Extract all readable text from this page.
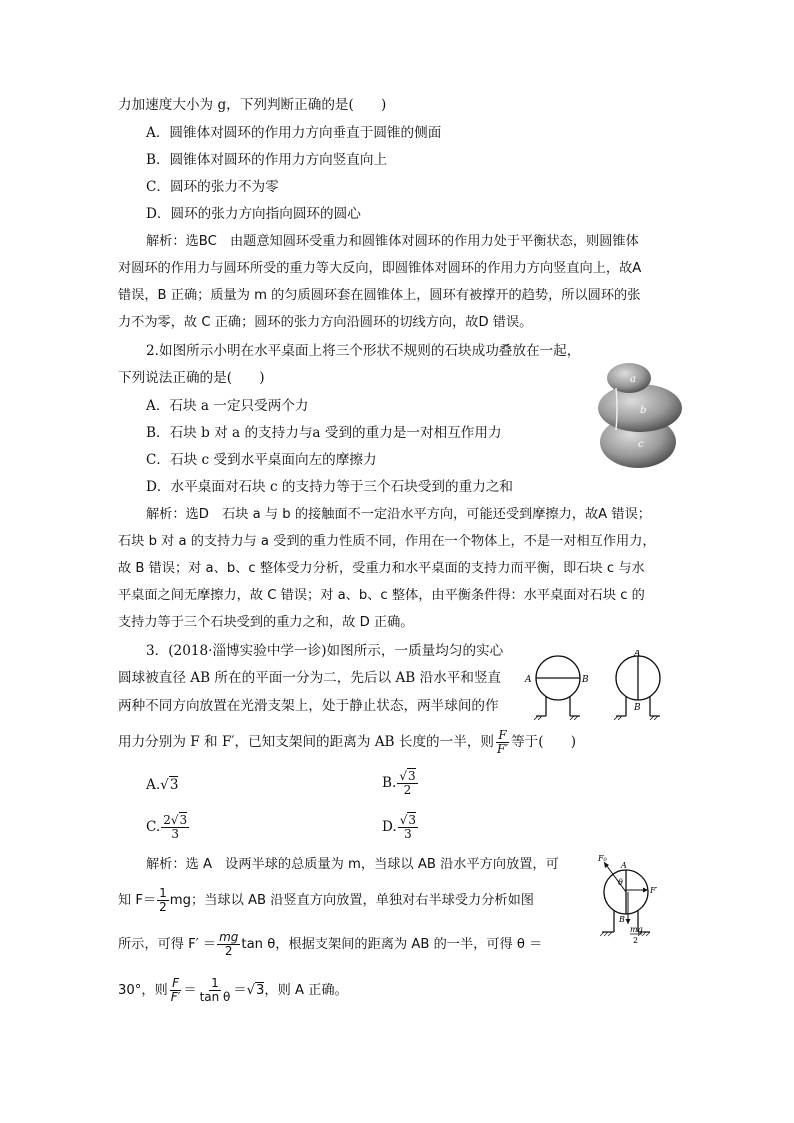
力加速度大小为 g，下列判断正确的是(　　)
A．圆锥体对圆环的作用力方向垂直于圆锥的侧面
B．圆锥体对圆环的作用力方向竖直向上
C．圆环的张力不为零
D．圆环的张力方向指向圆环的圆心
解析：选BC　由题意知圆环受重力和圆锥体对圆环的作用力处于平衡状态，则圆锥体
对圆环的作用力与圆环所受的重力等大反向，即圆锥体对圆环的作用力方向竖直向上，故A
错误，B 正确；质量为 m 的匀质圆环套在圆锥体上，圆环有被撑开的趋势，所以圆环的张
力不为零，故 C 正确；圆环的张力方向沿圆环的切线方向，故D 错误。
2.如图所示小明在水平桌面上将三个形状不规则的石块成功叠放在一起，
下列说法正确的是(　　)
A．石块 a 一定只受两个力
B．石块 b 对 a 的支持力与a 受到的重力是一对相互作用力
C．石块 c 受到水平桌面向左的摩擦力
D．水平桌面对石块 c 的支持力等于三个石块受到的重力之和
a
b
c
解析：选D　石块 a 与 b 的接触面不一定沿水平方向，可能还受到摩擦力，故A 错误；
石块 b 对 a 的支持力与 a 受到的重力性质不同，作用在一个物体上，不是一对相互作用力，
故 B 错误；对 a、b、c 整体受力分析，受重力和水平桌面的支持力而平衡，即石块 c 与水
平桌面之间无摩擦力，故 C 错误；对 a、b、c 整体，由平衡条件得：水平桌面对石块 c 的
支持力等于三个石块受到的重力之和，故 D 正确。
3．(2018·淄博实验中学一诊)如图所示，一质量均匀的实心
圆球被直径 AB 所在的平面一分为二，先后以 AB 沿水平和竖直
两种不同方向放置在光滑支架上，处于静止状态，两半球间的作
用力分别为 F 和 F′，已知支架间的距离为 AB 长度的一半，则 $\frac{F}{F'}$ 等于(　　)
A	B
A
B
A.√3	B. $\frac{√3}{2}$
C. $\frac{2√3}{3}$	D. $\frac{√3}{3}$
解析：选 A　设两半球的总质量为 m，当球以 AB 沿水平方向放置，可
知 $F= \frac{1}{2}$ mg；当球以 AB 沿竖直方向放置，单独对右半球受力分析如图
所示，可得 $F' = \frac{mg}{2}$ tan θ，根据支架间的距离为 AB 的一半，可得 θ ＝
30°，则 $\frac{F}{F'} = \frac{1}{\text{tan θ}} =√3$，则 A 正确。
F₀
A
θ
F′
B
mg
2
